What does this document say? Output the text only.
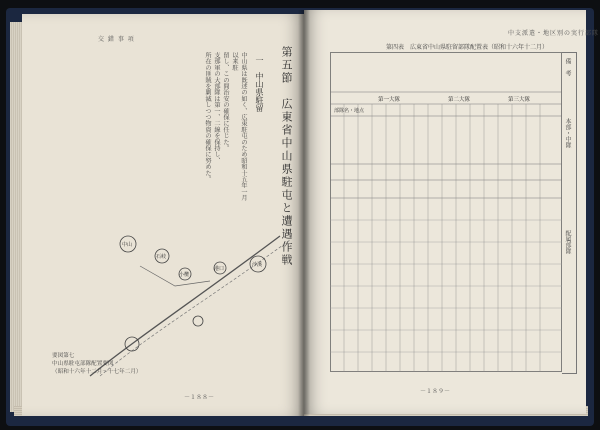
交 錯 事 項
第五節　広東省中山県駐屯と遭遇作戦
一　中山県駐留

中山県は既述の如く、広東駐屯のため昭和十五年一月以来駐

留し、この間治安の確保に任じた。

支那軍の大部隊は第一、二線を保持し、

所在の匪賊を剿滅しつつ物資の確保に努めた。

中山
石岐
小欖
港口
沙溪
要図第七
中山県駐屯部隊配置要図
（昭和十六年十二月〜十七年二月）
－１８８－
中支派遣・地区別の実行部隊
第四表　広東省中山県駐留部隊配置表（昭和十六年十二月）
部隊名・地点
第一大隊	第二大隊	第三大隊
備　考
本部・中隊
配属部隊
－１８９－
